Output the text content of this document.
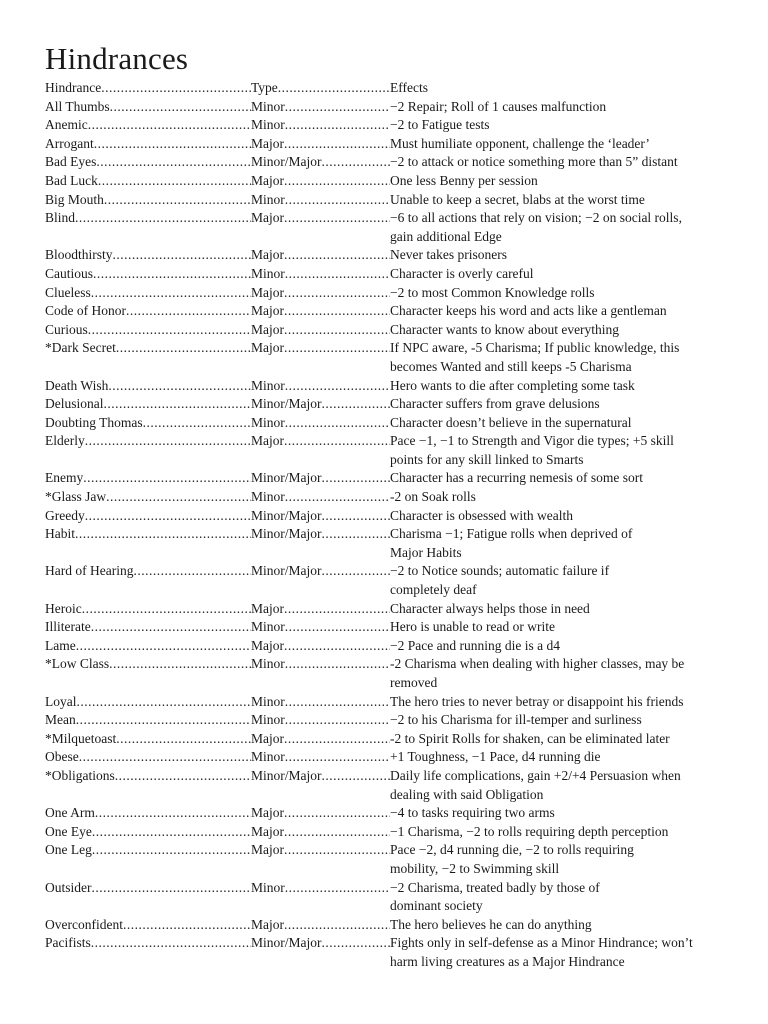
Hindrances
Hindrance .....	Type .....	Effects
All Thumbs .....	Minor .....	−2 Repair; Roll of 1 causes malfunction
Anemic .....	Minor .....	−2 to Fatigue tests
Arrogant .....	Major .....	Must humiliate opponent, challenge the ‘leader’
Bad Eyes .....	Minor/Major .....	−2 to attack or notice something more than 5” distant
Bad Luck .....	Major .....	One less Benny per session
Big Mouth .....	Minor .....	Unable to keep a secret, blabs at the worst time
Blind .....	Major .....	−6 to all actions that rely on vision; −2 on social rolls,
gain additional Edge
Bloodthirsty .....	Major .....	Never takes prisoners
Cautious .....	Minor .....	Character is overly careful
Clueless .....	Major .....	−2 to most Common Knowledge rolls
Code of Honor .....	Major .....	Character keeps his word and acts like a gentleman
Curious .....	Major .....	Character wants to know about everything
*Dark Secret .....	Major .....	If NPC aware, -5 Charisma; If public knowledge, this
becomes Wanted and still keeps -5 Charisma
Death Wish .....	Minor .....	Hero wants to die after completing some task
Delusional .....	Minor/Major .....	Character suffers from grave delusions
Doubting Thomas .....	Minor .....	Character doesn’t believe in the supernatural
Elderly .....	Major .....	Pace −1, −1 to Strength and Vigor die types; +5 skill
points for any skill linked to Smarts
Enemy .....	Minor/Major .....	Character has a recurring nemesis of some sort
*Glass Jaw .....	Minor .....	-2 on Soak rolls
Greedy .....	Minor/Major .....	Character is obsessed with wealth
Habit .....	Minor/Major .....	Charisma −1; Fatigue rolls when deprived of
Major Habits
Hard of Hearing .....	Minor/Major .....	−2 to Notice sounds; automatic failure if
completely deaf
Heroic .....	Major .....	Character always helps those in need
Illiterate .....	Minor .....	Hero is unable to read or write
Lame .....	Major .....	−2 Pace and running die is a d4
*Low Class .....	Minor .....	-2 Charisma when dealing with higher classes, may be
removed
Loyal .....	Minor .....	The hero tries to never betray or disappoint his friends
Mean .....	Minor .....	−2 to his Charisma for ill-temper and surliness
*Milquetoast .....	Major .....	-2 to Spirit Rolls for shaken, can be eliminated later
Obese .....	Minor .....	+1 Toughness, −1 Pace, d4 running die
*Obligations .....	Minor/Major .....	Daily life complications, gain +2/+4 Persuasion when
dealing with said Obligation
One Arm .....	Major .....	−4 to tasks requiring two arms
One Eye .....	Major .....	−1 Charisma, −2 to rolls requiring depth perception
One Leg .....	Major .....	Pace −2, d4 running die, −2 to rolls requiring
mobility, −2 to Swimming skill
Outsider .....	Minor .....	−2 Charisma, treated badly by those of
dominant society
Overconfident .....	Major .....	The hero believes he can do anything
Pacifists .....	Minor/Major .....	Fights only in self-defense as a Minor Hindrance; won’t
harm living creatures as a Major Hindrance
